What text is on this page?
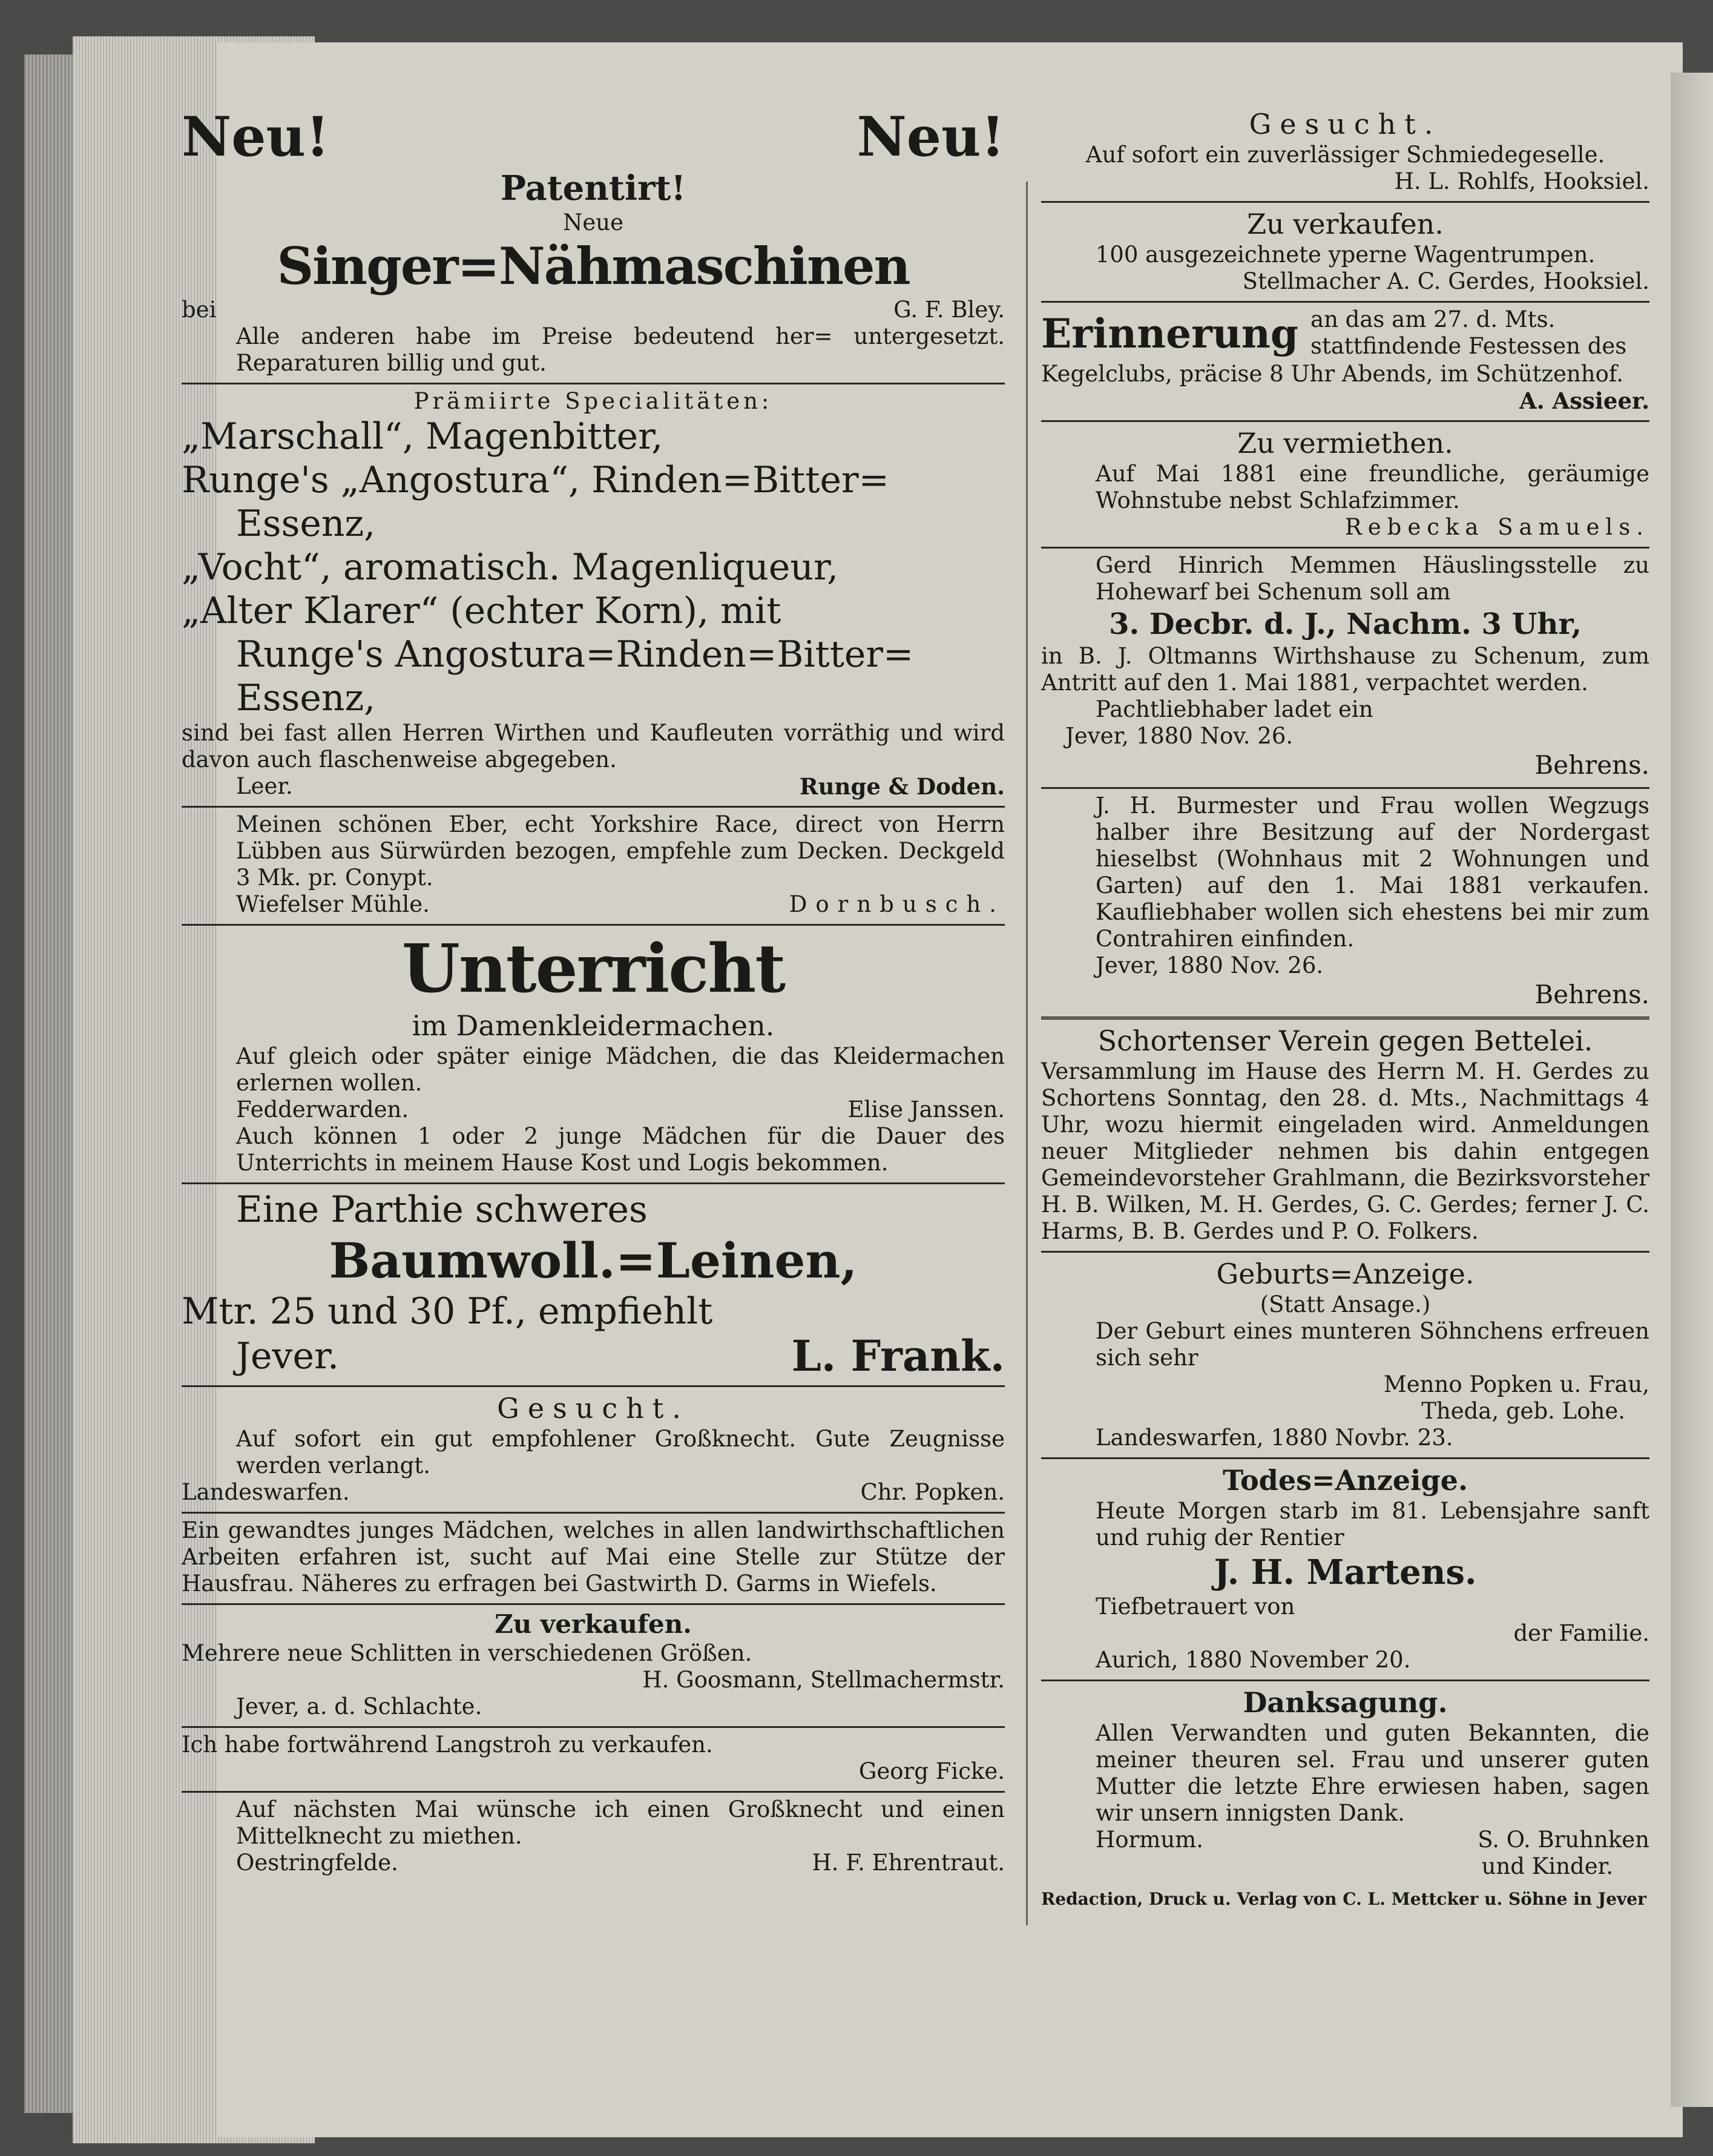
Neu!	Neu!

Patentirt!

Neue

Singer=Nähmaschinen

bei	G. F. Bley.

Alle anderen habe im Preise bedeutend her= untergesetzt. Reparaturen billig und gut.

Prämiirte Specialitäten:

„Marschall“, Magenbitter,

Runge's „Angostura“, Rinden=Bitter=

Essenz,

„Vocht“, aromatisch. Magenliqueur,

„Alter Klarer“ (echter Korn), mit

Runge's Angostura=Rinden=Bitter=

Essenz,

sind bei fast allen Herren Wirthen und Kaufleuten vorräthig und wird davon auch flaschenweise abgegeben.

Leer.	Runge & Doden.

Meinen schönen Eber, echt Yorkshire Race, direct von Herrn Lübben aus Sürwürden bezogen, empfehle zum Decken. Deckgeld 3 Mk. pr. Conypt.

Wiefelser Mühle.	Dornbusch.

Unterricht

im Damenkleidermachen.

Auf gleich oder später einige Mädchen, die das Kleidermachen erlernen wollen.

Fedderwarden.	Elise Janssen.

Auch können 1 oder 2 junge Mädchen für die Dauer des Unterrichts in meinem Hause Kost und Logis bekommen.

Eine Parthie schweres

Baumwoll.=Leinen,

Mtr. 25 und 30 Pf., empfiehlt

Jever.	L. Frank.

Gesucht.

Auf sofort ein gut empfohlener Großknecht. Gute Zeugnisse werden verlangt.

Landeswarfen.	Chr. Popken.

Ein gewandtes junges Mädchen, welches in allen landwirthschaftlichen Arbeiten erfahren ist, sucht auf Mai eine Stelle zur Stütze der Hausfrau. Näheres zu erfragen bei Gastwirth D. Garms in Wiefels.

Zu verkaufen.

Mehrere neue Schlitten in verschiedenen Größen.

H. Goosmann, Stellmachermstr.

Jever, a. d. Schlachte.

Ich habe fortwährend Langstroh zu verkaufen.

Georg Ficke.

Auf nächsten Mai wünsche ich einen Großknecht und einen Mittelknecht zu miethen.

Oestringfelde.	H. F. Ehrentraut.

Gesucht.

Auf sofort ein zuverlässiger Schmiedegeselle.

H. L. Rohlfs, Hooksiel.

Zu verkaufen.

100 ausgezeichnete yperne Wagentrumpen.

Stellmacher A. C. Gerdes, Hooksiel.

Erinnerung an das am 27. d. Mts.

stattfindende Festessen des

Kegelclubs, präcise 8 Uhr Abends, im Schützenhof.

A. Assieer.

Zu vermiethen.

Auf Mai 1881 eine freundliche, geräumige Wohnstube nebst Schlafzimmer.

Rebecka Samuels.

Gerd Hinrich Memmen Häuslingsstelle zu Hohewarf bei Schenum soll am

3. Decbr. d. J., Nachm. 3 Uhr,

in B. J. Oltmanns Wirthshause zu Schenum, zum Antritt auf den 1. Mai 1881, verpachtet werden.

Pachtliebhaber ladet ein

Jever, 1880 Nov. 26.

Behrens.

J. H. Burmester und Frau wollen Wegzugs halber ihre Besitzung auf der Nordergast hieselbst (Wohnhaus mit 2 Wohnungen und Garten) auf den 1. Mai 1881 verkaufen. Kaufliebhaber wollen sich ehestens bei mir zum Contrahiren einfinden.

Jever, 1880 Nov. 26.

Behrens.

Schortenser Verein gegen Bettelei.

Versammlung im Hause des Herrn M. H. Gerdes zu Schortens Sonntag, den 28. d. Mts., Nachmittags 4 Uhr, wozu hiermit eingeladen wird. Anmeldungen neuer Mitglieder nehmen bis dahin entgegen Gemeindevorsteher Grahlmann, die Bezirksvorsteher H. B. Wilken, M. H. Gerdes, G. C. Gerdes; ferner J. C. Harms, B. B. Gerdes und P. O. Folkers.

Geburts=Anzeige.

(Statt Ansage.)

Der Geburt eines munteren Söhnchens erfreuen sich sehr

Menno Popken u. Frau,

Theda, geb. Lohe.

Landeswarfen, 1880 Novbr. 23.

Todes=Anzeige.

Heute Morgen starb im 81. Lebensjahre sanft und ruhig der Rentier

J. H. Martens.

Tiefbetrauert von

der Familie.

Aurich, 1880 November 20.

Danksagung.

Allen Verwandten und guten Bekannten, die meiner theuren sel. Frau und unserer guten Mutter die letzte Ehre erwiesen haben, sagen wir unsern innigsten Dank.

Hormum.	S. O. Bruhnken

und Kinder.

Redaction, Druck u. Verlag von C. L. Mettcker u. Söhne in Jever
